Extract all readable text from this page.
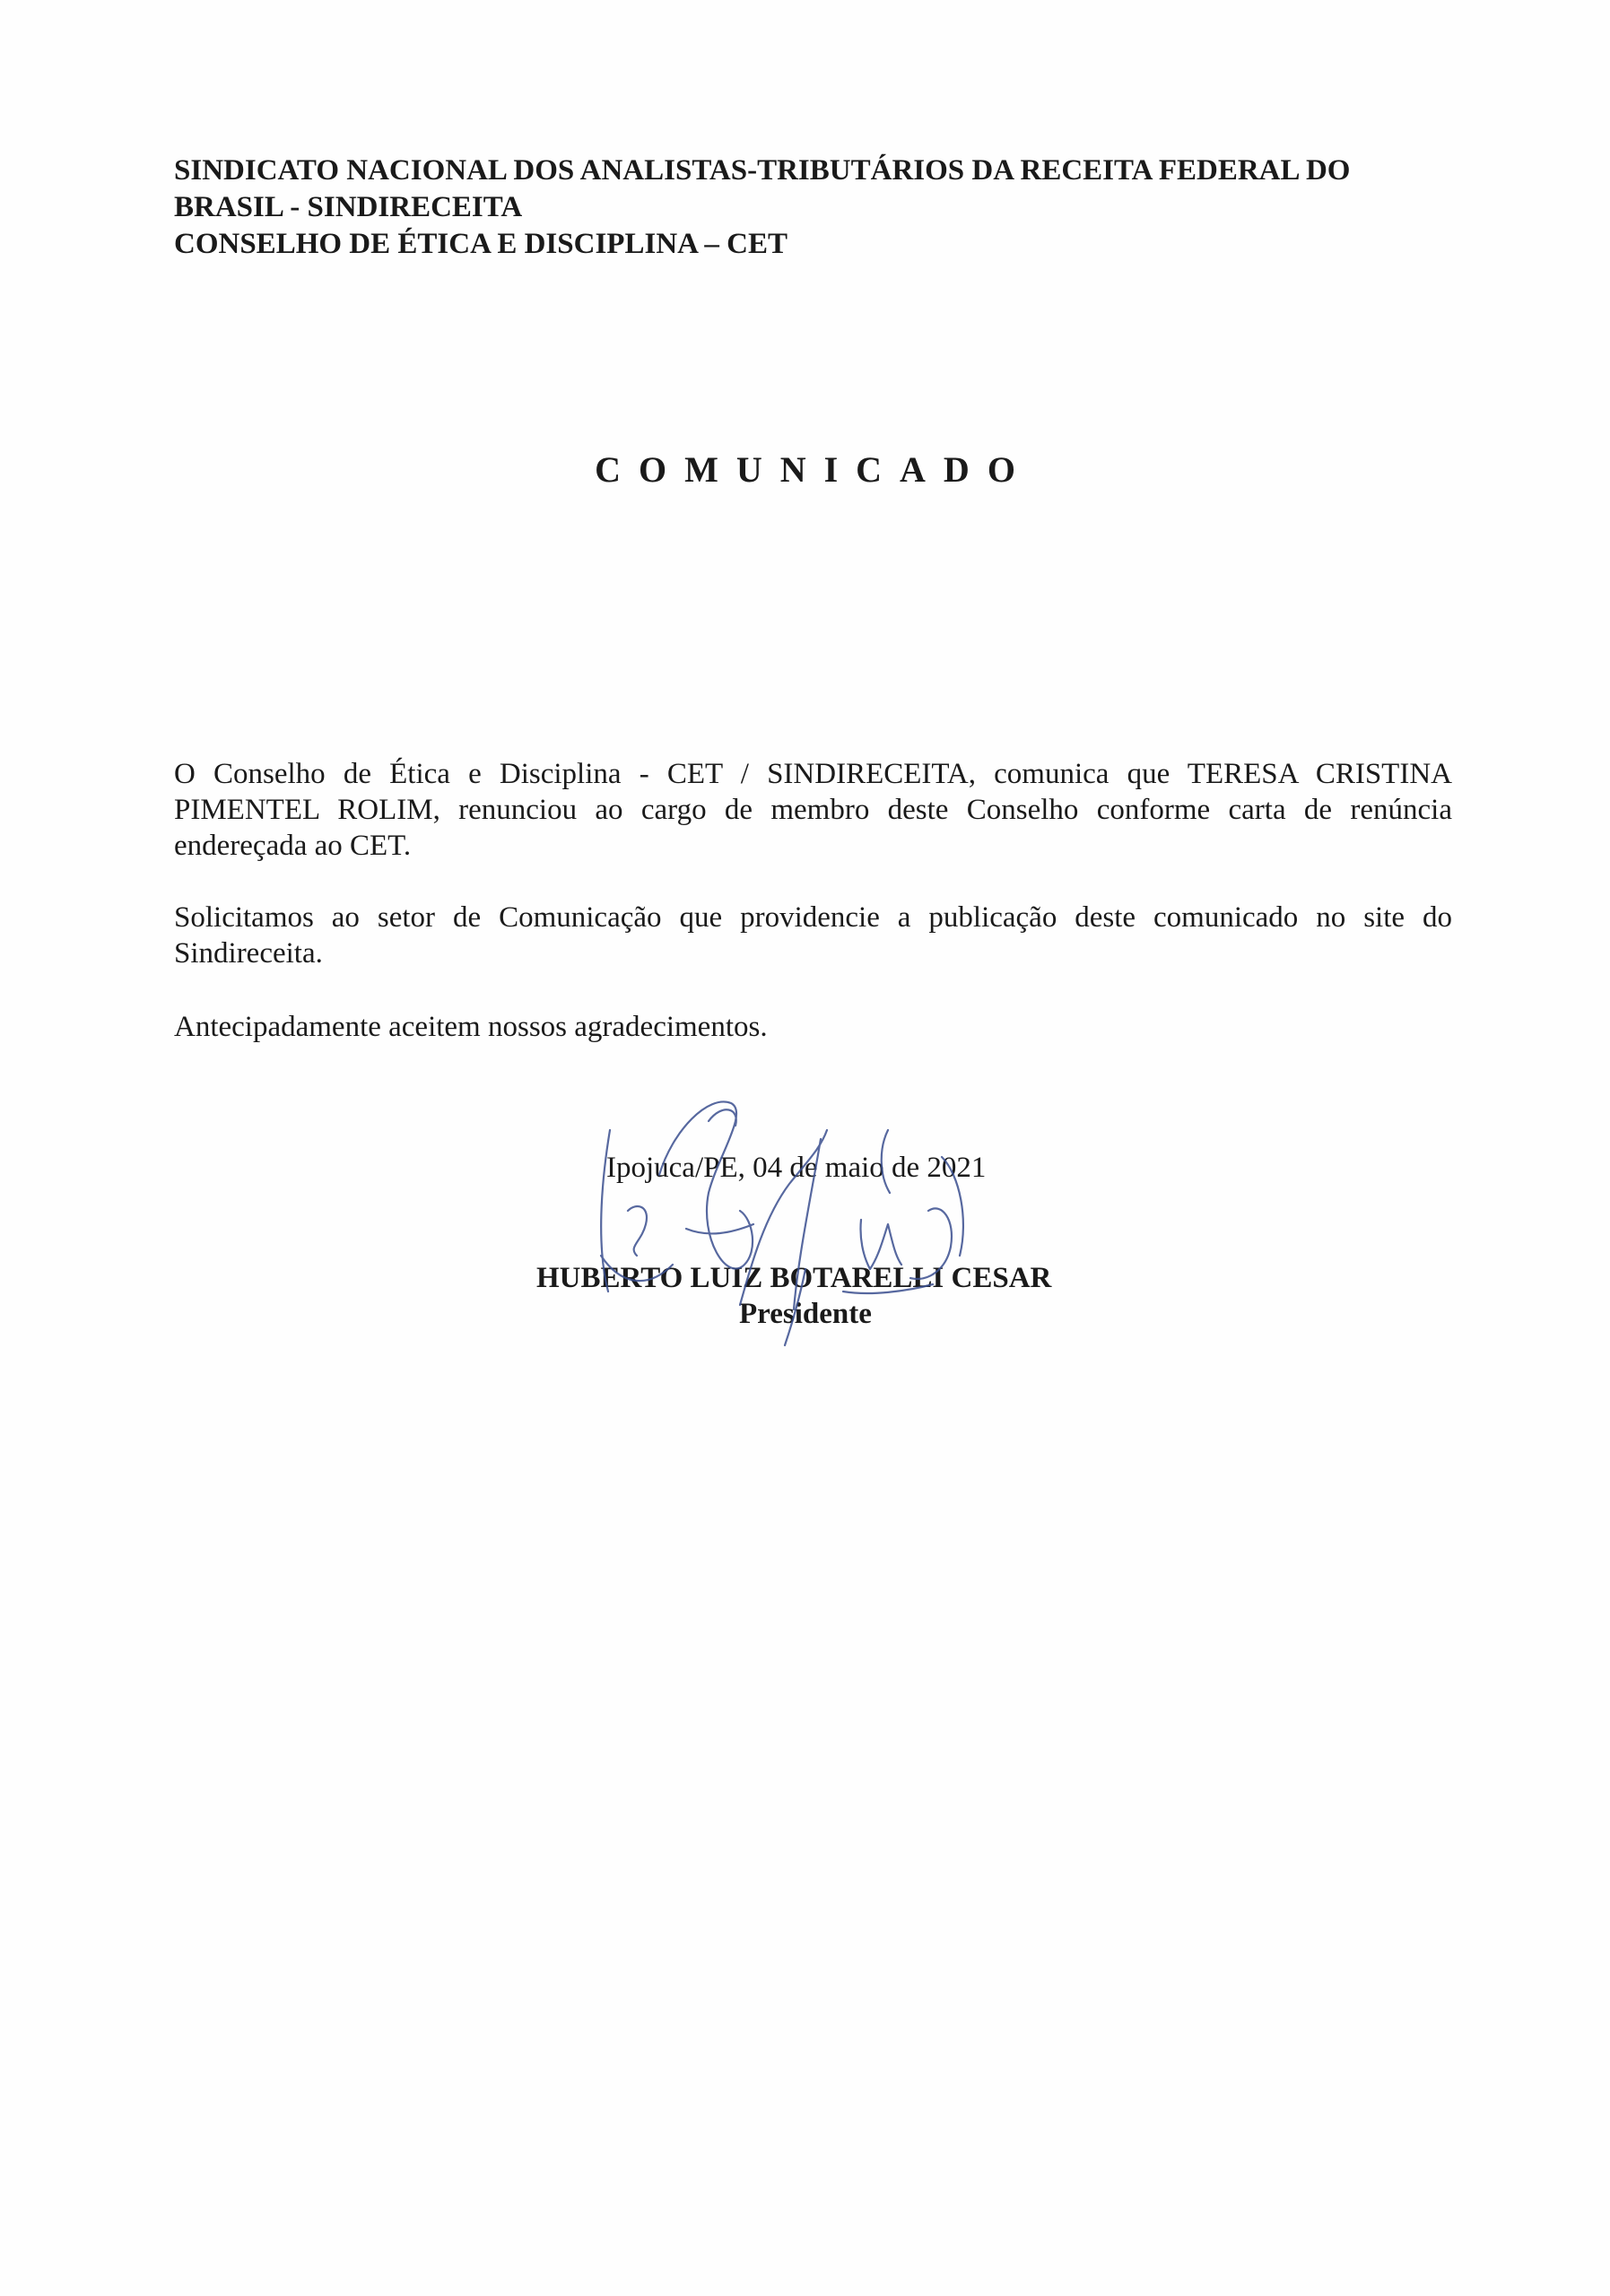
SINDICATO NACIONAL DOS ANALISTAS-TRIBUTÁRIOS DA RECEITA FEDERAL DO
BRASIL - SINDIRECEITA
CONSELHO DE ÉTICA E DISCIPLINA – CET
COMUNICADO
O Conselho de Ética e Disciplina - CET / SINDIRECEITA, comunica que TERESA CRISTINA PIMENTEL ROLIM, renunciou ao cargo de membro deste Conselho conforme carta de renúncia endereçada ao CET.
Solicitamos ao setor de Comunicação que providencie a publicação deste comunicado no site do Sindireceita.
Antecipadamente aceitem nossos agradecimentos.
Ipojuca/PE, 04 de maio de 2021
HUBERTO LUIZ BOTARELLI CESAR
Presidente
